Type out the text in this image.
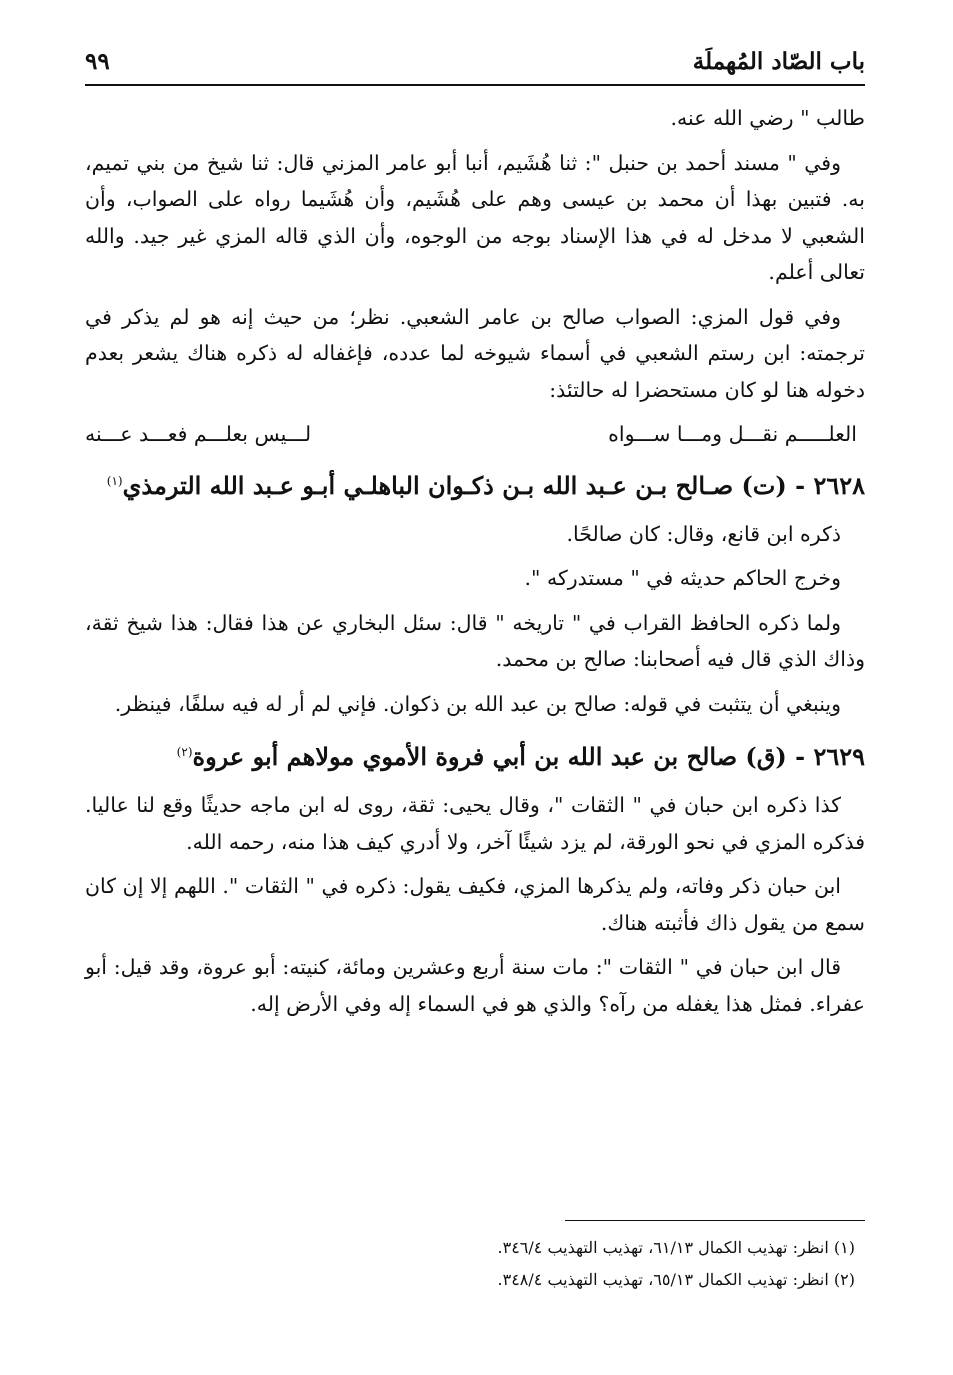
باب الصّاد المُهملَة
٩٩

طالب " رضي الله عنه.

وفي " مسند أحمد بن حنبل ": ثنا هُشَيم، أنبا أبو عامر المزني قال: ثنا شيخ من بني تميم، به. فتبين بهذا أن محمد بن عيسى وهم على هُشَيم، وأن هُشَيما رواه على الصواب، وأن الشعبي لا مدخل له في هذا الإسناد بوجه من الوجوه، وأن الذي قاله المزي غير جيد. والله تعالى أعلم.

وفي قول المزي: الصواب صالح بن عامر الشعبي. نظر؛ من حيث إنه هو لم يذكر في ترجمته: ابن رستم الشعبي في أسماء شيوخه لما عدده، فإغفاله له ذكره هناك يشعر بعدم دخوله هنا لو كان مستحضرا له حالتئذ:

العلـــــم نقـــل ومـــا ســـواه
لـــيس بعلـــم فعـــد عـــنه

٢٦٢٨ - (ت) صـالح بـن عـبد الله بـن ذكـوان الباهلـي أبـو عـبد الله الترمذي$^{(١)}$

ذكره ابن قانع، وقال: كان صالحًا.

وخرج الحاكم حديثه في " مستدركه ".

ولما ذكره الحافظ القراب في " تاريخه " قال: سئل البخاري عن هذا فقال: هذا شيخ ثقة، وذاك الذي قال فيه أصحابنا: صالح بن محمد.

وينبغي أن يتثبت في قوله: صالح بن عبد الله بن ذكوان. فإني لم أر له فيه سلفًا، فينظر.

٢٦٢٩ - (ق) صالح بن عبد الله بن أبي فروة الأموي مولاهم أبو عروة$^{(٢)}$

كذا ذكره ابن حبان في " الثقات "، وقال يحيى: ثقة، روى له ابن ماجه حديثًا وقع لنا عاليا. فذكره المزي في نحو الورقة، لم يزد شيئًا آخر، ولا أدري كيف هذا منه، رحمه الله.

ابن حبان ذكر وفاته، ولم يذكرها المزي، فكيف يقول: ذكره في " الثقات ". اللهم إلا إن كان سمع من يقول ذاك فأثبته هناك.

قال ابن حبان في " الثقات ": مات سنة أربع وعشرين ومائة، كنيته: أبو عروة، وقد قيل: أبو عفراء. فمثل هذا يغفله من رآه؟ والذي هو في السماء إله وفي الأرض إله.

(١) انظر: تهذيب الكمال ٦١/١٣، تهذيب التهذيب ٣٤٦/٤.
(٢) انظر: تهذيب الكمال ٦٥/١٣، تهذيب التهذيب ٣٤٨/٤.
